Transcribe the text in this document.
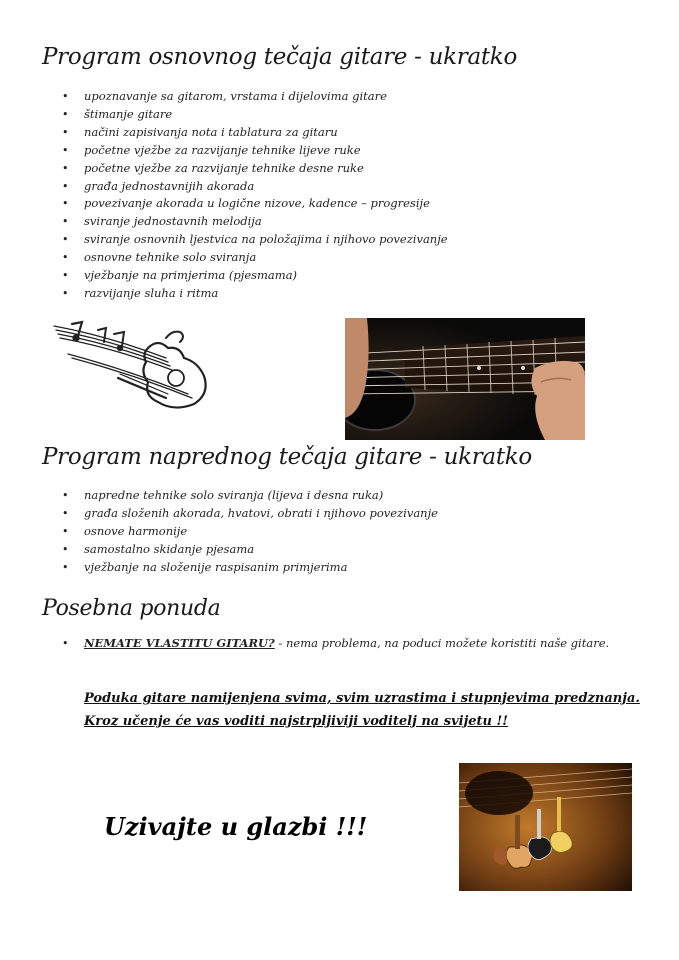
Program osnovnog tečaja gitare - ukratko
• upoznavanje sa gitarom, vrstama i dijelovima gitare
• štimanje gitare
• načini zapisivanja nota i tablatura za gitaru
• početne vježbe za razvijanje tehnike lijeve ruke
• početne vježbe za razvijanje tehnike desne ruke
• građa jednostavnijih akorada
• povezivanje akorada u logične nizove, kadence – progresije
• sviranje jednostavnih melodija
• sviranje osnovnih ljestvica na položajima i njihovo povezivanje
• osnovne tehnike solo sviranja
• vježbanje na primjerima (pjesmama)
• razvijanje sluha i ritma
Program naprednog tečaja gitare - ukratko
• napredne tehnike solo sviranja (lijeva i desna ruka)
• građa složenih akorada, hvatovi, obrati i njihovo povezivanje
• osnove harmonije
• samostalno skidanje pjesama
• vježbanje na složenije raspisanim primjerima
Posebna ponuda
• NEMATE VLASTITU GITARU? - nema problema, na poduci možete koristiti naše gitare.
Poduka gitare namijenjena svima, svim uzrastima i stupnjevima predznanja.
Kroz učenje će vas voditi najstrpljiviji voditelj na svijetu !!
Uzivajte u glazbi !!!
